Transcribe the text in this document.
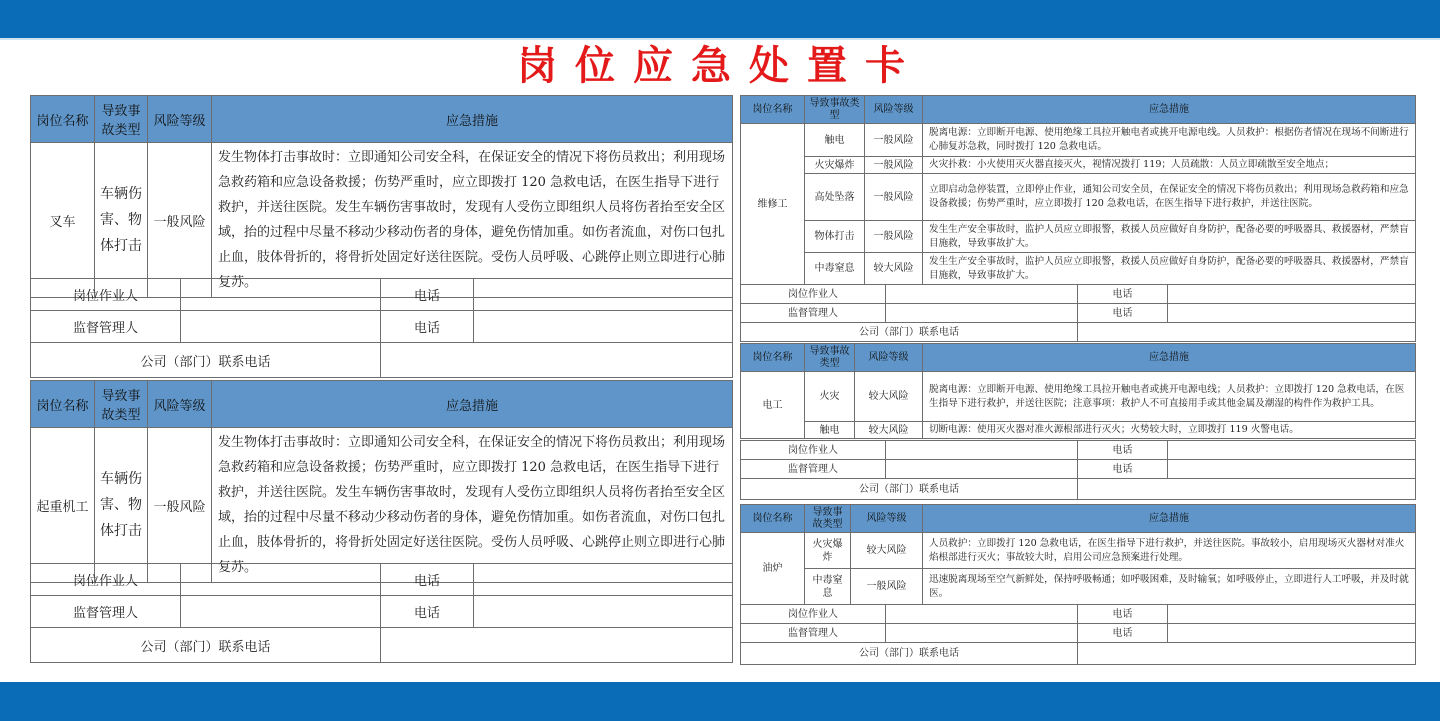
岗位应急处置卡
岗位名称	导致事故类型	风险等级	应急措施
叉车	车辆伤害、物体打击	一般风险	发生物体打击事故时：立即通知公司安全科，在保证安全的情况下将伤员救出；利用现场急救药箱和应急设备救援；伤势严重时，应立即拨打 120 急救电话，在医生指导下进行救护，并送往医院。发生车辆伤害事故时，发现有人受伤立即组织人员将伤者抬至安全区域，抬的过程中尽量不移动少移动伤者的身体，避免伤情加重。如伤者流血，对伤口包扎止血，肢体骨折的，将骨折处固定好送往医院。受伤人员呼吸、心跳停止则立即进行心肺复苏。
岗位作业人		电话	
监督管理人		电话	
公司（部门）联系电话			
岗位名称	导致事故类型	风险等级	应急措施
起重机工	车辆伤害、物体打击	一般风险	发生物体打击事故时：立即通知公司安全科，在保证安全的情况下将伤员救出；利用现场急救药箱和应急设备救援；伤势严重时，应立即拨打 120 急救电话，在医生指导下进行救护，并送往医院。发生车辆伤害事故时，发现有人受伤立即组织人员将伤者抬至安全区域，抬的过程中尽量不移动少移动伤者的身体，避免伤情加重。如伤者流血，对伤口包扎止血，肢体骨折的，将骨折处固定好送往医院。受伤人员呼吸、心跳停止则立即进行心肺复苏。
岗位作业人		电话	
监督管理人		电话	
公司（部门）联系电话			
岗位名称	导致事故类型	风险等级	应急措施
维修工	触电	一般风险	脱离电源：立即断开电源、使用绝缘工具拉开触电者或挑开电源电线。人员救护：根据伤者情况在现场不间断进行心肺复苏急救，同时拨打 120 急救电话。
	火灾爆炸	一般风险	火灾扑救：小火使用灭火器直接灭火，视情况拨打 119；人员疏散：人员立即疏散至安全地点；
	高处坠落	一般风险	立即启动急停装置，立即停止作业，通知公司安全员，在保证安全的情况下将伤员救出；利用现场急救药箱和应急设备救援；伤势严重时，应立即拨打 120 急救电话，在医生指导下进行救护，并送往医院。
	物体打击	一般风险	发生生产安全事故时，监护人员应立即报警，救援人员应做好自身防护，配备必要的呼吸器具、救援器材，严禁盲目施救，导致事故扩大。
	中毒窒息	较大风险	发生生产安全事故时，监护人员应立即报警，救援人员应做好自身防护，配备必要的呼吸器具、救援器材，严禁盲目施救，导致事故扩大。
岗位作业人		电话	
监督管理人		电话	
公司（部门）联系电话			
岗位名称	导致事故类型	风险等级	应急措施
电工	火灾	较大风险	脱离电源：立即断开电源、使用绝缘工具拉开触电者或挑开电源电线；人员救护：立即拨打 120 急救电话，在医生指导下进行救护，并送往医院；注意事项：救护人不可直接用手或其他金属及潮湿的构件作为救护工具。
	触电	较大风险	切断电源：使用灭火器对准火源根部进行灭火；火势较大时，立即拨打 119 火警电话。
岗位作业人		电话	
监督管理人		电话	
公司（部门）联系电话			
岗位名称	导致事故类型	风险等级	应急措施
油炉	火灾爆炸	较大风险	人员救护：立即拨打 120 急救电话，在医生指导下进行救护，并送往医院。事故较小，启用现场灭火器材对准火焰根部进行灭火；事故较大时，启用公司应急预案进行处理。
	中毒窒息	一般风险	迅速脱离现场至空气新鲜处，保持呼吸畅通；如呼吸困难，及时输氧；如呼吸停止，立即进行人工呼吸，并及时就医。
岗位作业人		电话	
监督管理人		电话	
公司（部门）联系电话			
